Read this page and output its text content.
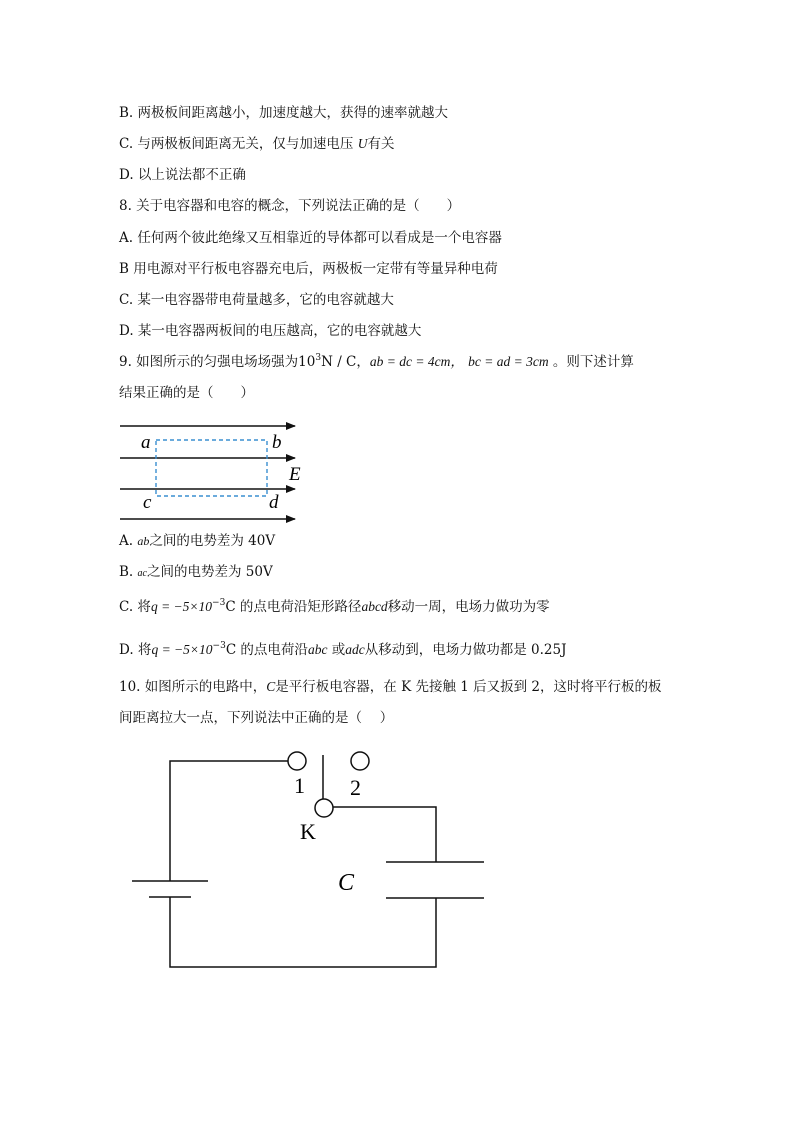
B. 两极板间距离越小，加速度越大，获得的速率就越大
C. 与两极板间距离无关，仅与加速电压 U有关
D. 以上说法都不正确
8. 关于电容器和电容的概念，下列说法正确的是（　　）
A. 任何两个彼此绝缘又互相靠近的导体都可以看成是一个电容器
B 用电源对平行板电容器充电后，两极板一定带有等量异种电荷
C. 某一电容器带电荷量越多，它的电容就越大
D. 某一电容器两板间的电压越高，它的电容就越大
9. 如图所示的匀强电场场强为$10^3N$ / C，ab = dc = 4cm， bc = ad = 3cm 。则下述计算
结果正确的是（　　）
a	b
E
c	d
A. ab之间的电势差为 40V
B. ac之间的电势差为 50V
C. 将$q = -5\times 10^{-3}C$ 的点电荷沿矩形路径abcd移动一周，电场力做功为零
D. 将$q = -5\times 10^{-3}C$ 的点电荷沿abc 或adc从移动到，电场力做功都是 0.25J
10. 如图所示的电路中，C是平行板电容器，在 K 先接触 1 后又扳到 2，这时将平行板的板
间距离拉大一点，下列说法中正确的是（　 ）
1 2
K
C
